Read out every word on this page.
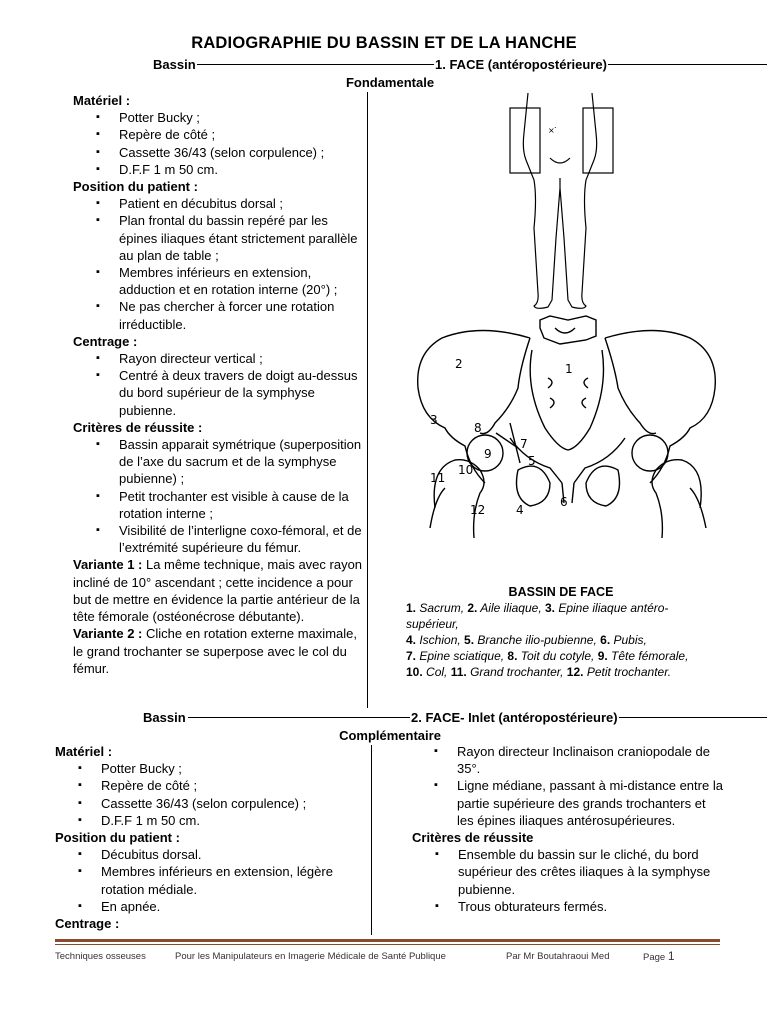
RADIOGRAPHIE DU BASSIN ET DE LA HANCHE
Bassin	1. FACE (antéropostérieure)
Fondamentale
Matériel :
▪ Potter Bucky ;
▪ Repère de côté ;
▪ Cassette 36/43 (selon corpulence) ;
▪ D.F.F 1 m 50 cm.
Position du patient :
▪ Patient en décubitus dorsal ;
▪ Plan frontal du bassin repéré par les épines iliaques étant strictement parallèle au plan de table ;
▪ Membres inférieurs en extension, adduction et en rotation interne (20°) ;
▪ Ne pas chercher à forcer une rotation irréductible.
Centrage :
▪ Rayon directeur vertical ;
▪ Centré à deux travers de doigt au-dessus du bord supérieur de la symphyse pubienne.
Critères de réussite :
▪ Bassin apparait symétrique (superposition de l’axe du sacrum et de la symphyse pubienne) ;
▪ Petit trochanter est visible à cause de la rotation interne ;
▪ Visibilité de l’interligne coxo-fémoral, et de l’extrémité supérieure du fémur.
Variante 1 : La même technique, mais avec rayon incliné de 10° ascendant ; cette incidence a pour but de mettre en évidence la partie antérieur de la tête fémorale (ostéonécrose débutante).
Variante 2 : Cliche en rotation externe maximale, le grand trochanter se superpose avec le col du fémur.
.
×
1
2
3
4
5
6
7
8
9
10
11
12
BASSIN DE FACE
1. Sacrum, 2. Aile iliaque, 3. Epine iliaque antéro-supérieur,
4. Ischion, 5. Branche ilio-pubienne, 6. Pubis,
7. Epine sciatique, 8. Toit du cotyle, 9. Tête fémorale,
10. Col, 11. Grand trochanter, 12. Petit trochanter.
Bassin	2. FACE- Inlet (antéropostérieure)
Complémentaire
Matériel :
▪ Potter Bucky ;
▪ Repère de côté ;
▪ Cassette 36/43 (selon corpulence) ;
▪ D.F.F 1 m 50 cm.
Position du patient :
▪ Décubitus dorsal.
▪ Membres inférieurs en extension, légère rotation médiale.
▪ En apnée.
Centrage :
▪ Rayon directeur Inclinaison craniopodale de 35°.
▪ Ligne médiane, passant à mi-distance entre la partie supérieure des grands trochanters et les épines iliaques antérosupérieures.
Critères de réussite
▪ Ensemble du bassin sur le cliché, du bord supérieur des crêtes iliaques à la symphyse pubienne.
▪ Trous obturateurs fermés.
Techniques osseuses	Pour les Manipulateurs en Imagerie Médicale de Santé Publique	Par Mr Boutahraoui Med	Page 1
